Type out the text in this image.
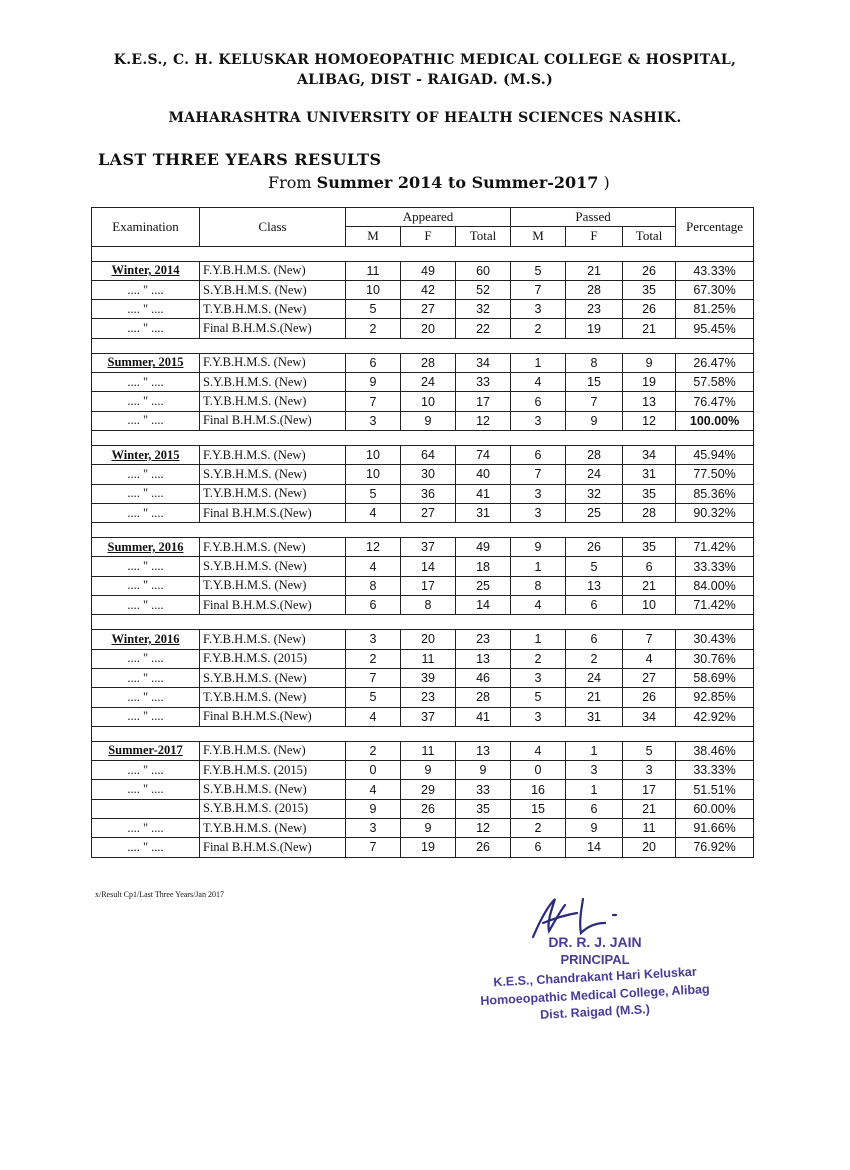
K.E.S., C. H. KELUSKAR HOMOEOPATHIC MEDICAL COLLEGE & HOSPITAL,
ALIBAG, DIST - RAIGAD. (M.S.)
MAHARASHTRA UNIVERSITY OF HEALTH SCIENCES NASHIK.
LAST THREE YEARS RESULTS
From Summer 2014 to Summer-2017 )
Examination	Class	Appeared			Passed			Percentage
		M	F	Total	M	F	Total	

Winter, 2014	F.Y.B.H.M.S. (New)	11	49	60	5	21	26	43.33%
.... " ....	S.Y.B.H.M.S. (New)	10	42	52	7	28	35	67.30%
.... " ....	T.Y.B.H.M.S. (New)	5	27	32	3	23	26	81.25%
.... " ....	Final B.H.M.S.(New)	2	20	22	2	19	21	95.45%

Summer, 2015	F.Y.B.H.M.S. (New)	6	28	34	1	8	9	26.47%
.... " ....	S.Y.B.H.M.S. (New)	9	24	33	4	15	19	57.58%
.... " ....	T.Y.B.H.M.S. (New)	7	10	17	6	7	13	76.47%
.... " ....	Final B.H.M.S.(New)	3	9	12	3	9	12	100.00%

Winter, 2015	F.Y.B.H.M.S. (New)	10	64	74	6	28	34	45.94%
.... " ....	S.Y.B.H.M.S. (New)	10	30	40	7	24	31	77.50%
.... " ....	T.Y.B.H.M.S. (New)	5	36	41	3	32	35	85.36%
.... " ....	Final B.H.M.S.(New)	4	27	31	3	25	28	90.32%

Summer, 2016	F.Y.B.H.M.S. (New)	12	37	49	9	26	35	71.42%
.... " ....	S.Y.B.H.M.S. (New)	4	14	18	1	5	6	33.33%
.... " ....	T.Y.B.H.M.S. (New)	8	17	25	8	13	21	84.00%
.... " ....	Final B.H.M.S.(New)	6	8	14	4	6	10	71.42%

Winter, 2016	F.Y.B.H.M.S. (New)	3	20	23	1	6	7	30.43%
.... " ....	F.Y.B.H.M.S. (2015)	2	11	13	2	2	4	30.76%
.... " ....	S.Y.B.H.M.S. (New)	7	39	46	3	24	27	58.69%
.... " ....	T.Y.B.H.M.S. (New)	5	23	28	5	21	26	92.85%
.... " ....	Final B.H.M.S.(New)	4	37	41	3	31	34	42.92%

Summer-2017	F.Y.B.H.M.S. (New)	2	11	13	4	1	5	38.46%
.... " ....	F.Y.B.H.M.S. (2015)	0	9	9	0	3	3	33.33%
.... " ....	S.Y.B.H.M.S. (New)	4	29	33	16	1	17	51.51%
	S.Y.B.H.M.S. (2015)	9	26	35	15	6	21	60.00%
.... " ....	T.Y.B.H.M.S. (New)	3	9	12	2	9	11	91.66%
.... " ....	Final B.H.M.S.(New)	7	19	26	6	14	20	76.92%
x/Result Cp1/Last Three Years/Jan 2017
DR. R. J. JAIN
PRINCIPAL
K.E.S., Chandrakant Hari Keluskar
Homoeopathic Medical College, Alibag
Dist. Raigad (M.S.)
